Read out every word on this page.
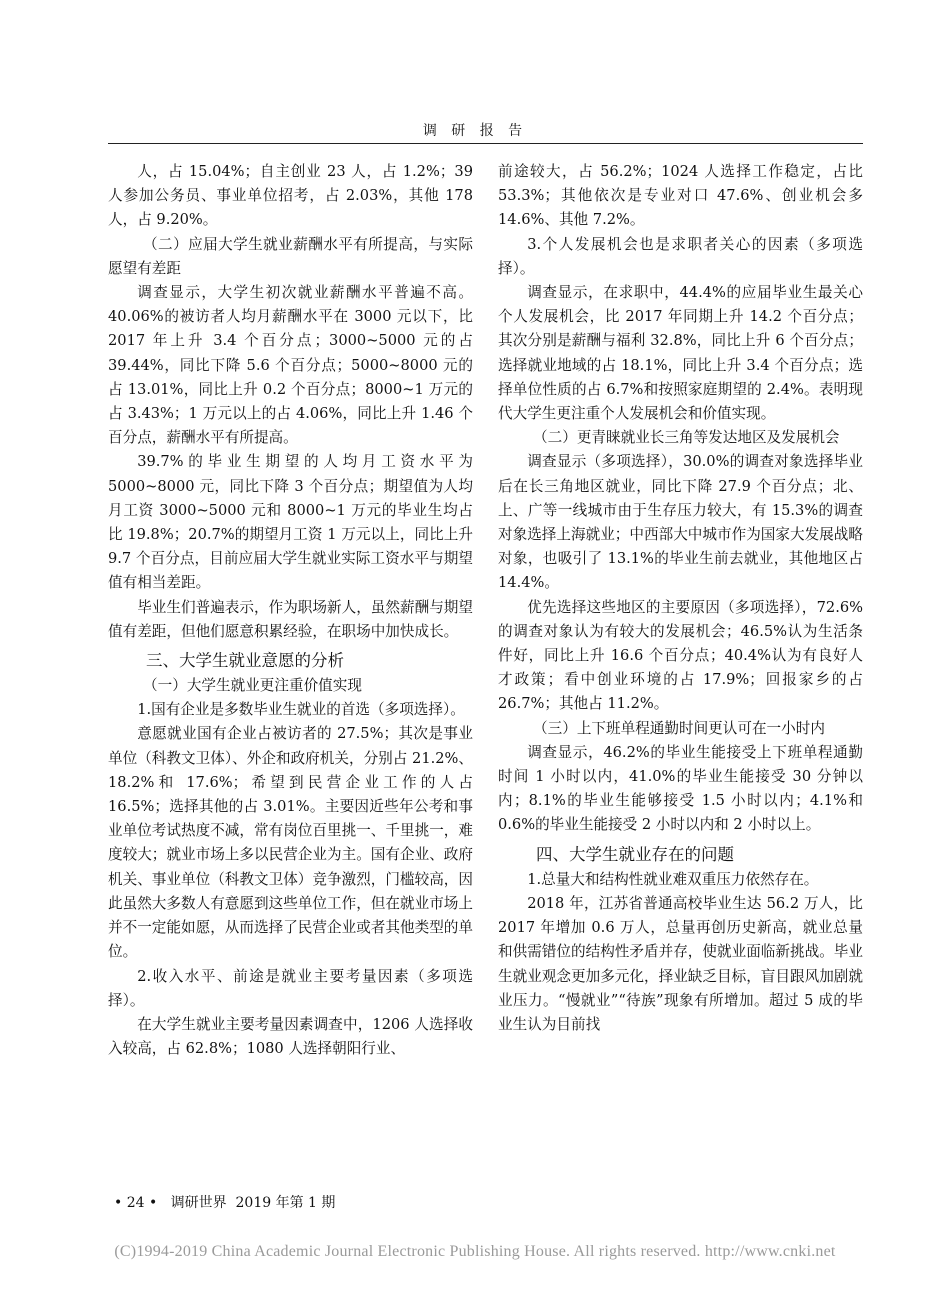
调 研 报 告

人，占 15.04%；自主创业 23 人，占 1.2%；39 人参加公务员、事业单位招考，占 2.03%，其他 178 人，占 9.20%。

（二）应届大学生就业薪酬水平有所提高，与实际愿望有差距

调查显示，大学生初次就业薪酬水平普遍不高。40.06%的被访者人均月薪酬水平在 3000 元以下，比 2017 年上升 3.4 个百分点；3000~5000 元的占 39.44%，同比下降 5.6 个百分点；5000~8000 元的占 13.01%，同比上升 0.2 个百分点；8000~1 万元的占 3.43%；1 万元以上的占 4.06%，同比上升 1.46 个百分点，薪酬水平有所提高。

39.7%的毕业生期望的人均月工资水平为 5000~8000 元，同比下降 3 个百分点；期望值为人均月工资 3000~5000 元和 8000~1 万元的毕业生均占比 19.8%；20.7%的期望月工资 1 万元以上，同比上升 9.7 个百分点，目前应届大学生就业实际工资水平与期望值有相当差距。

毕业生们普遍表示，作为职场新人，虽然薪酬与期望值有差距，但他们愿意积累经验，在职场中加快成长。

三、大学生就业意愿的分析

（一）大学生就业更注重价值实现

1.国有企业是多数毕业生就业的首选（多项选择）。

意愿就业国有企业占被访者的 27.5%；其次是事业单位（科教文卫体）、外企和政府机关，分别占 21.2%、18.2%和 17.6%；希望到民营企业工作的人占 16.5%；选择其他的占 3.01%。主要因近些年公考和事业单位考试热度不减，常有岗位百里挑一、千里挑一，难度较大；就业市场上多以民营企业为主。国有企业、政府机关、事业单位（科教文卫体）竞争激烈，门槛较高，因此虽然大多数人有意愿到这些单位工作，但在就业市场上并不一定能如愿，从而选择了民营企业或者其他类型的单位。

2.收入水平、前途是就业主要考量因素（多项选择）。

在大学生就业主要考量因素调查中，1206 人选择收入较高，占 62.8%；1080 人选择朝阳行业、

前途较大，占 56.2%；1024 人选择工作稳定，占比 53.3%；其他依次是专业对口 47.6%、创业机会多 14.6%、其他 7.2%。

3.个人发展机会也是求职者关心的因素（多项选择）。

调查显示，在求职中，44.4%的应届毕业生最关心个人发展机会，比 2017 年同期上升 14.2 个百分点；其次分别是薪酬与福利 32.8%，同比上升 6 个百分点；选择就业地域的占 18.1%，同比上升 3.4 个百分点；选择单位性质的占 6.7%和按照家庭期望的 2.4%。表明现代大学生更注重个人发展机会和价值实现。

（二）更青睐就业长三角等发达地区及发展机会

调查显示（多项选择），30.0%的调查对象选择毕业后在长三角地区就业，同比下降 27.9 个百分点；北、上、广等一线城市由于生存压力较大，有 15.3%的调查对象选择上海就业；中西部大中城市作为国家大发展战略对象，也吸引了 13.1%的毕业生前去就业，其他地区占 14.4%。

优先选择这些地区的主要原因（多项选择），72.6%的调查对象认为有较大的发展机会；46.5%认为生活条件好，同比上升 16.6 个百分点；40.4%认为有良好人才政策；看中创业环境的占 17.9%；回报家乡的占 26.7%；其他占 11.2%。

（三）上下班单程通勤时间更认可在一小时内

调查显示，46.2%的毕业生能接受上下班单程通勤时间 1 小时以内，41.0%的毕业生能接受 30 分钟以内；8.1%的毕业生能够接受 1.5 小时以内；4.1%和 0.6%的毕业生能接受 2 小时以内和 2 小时以上。

四、大学生就业存在的问题

1.总量大和结构性就业难双重压力依然存在。

2018 年，江苏省普通高校毕业生达 56.2 万人，比 2017 年增加 0.6 万人，总量再创历史新高，就业总量和供需错位的结构性矛盾并存，使就业面临新挑战。毕业生就业观念更加多元化，择业缺乏目标，盲目跟风加剧就业压力。“慢就业”“待族”现象有所增加。超过 5 成的毕业生认为目前找

• 24 • 调研世界 2019 年第 1 期
(C)1994-2019 China Academic Journal Electronic Publishing House. All rights reserved. http://www.cnki.net
